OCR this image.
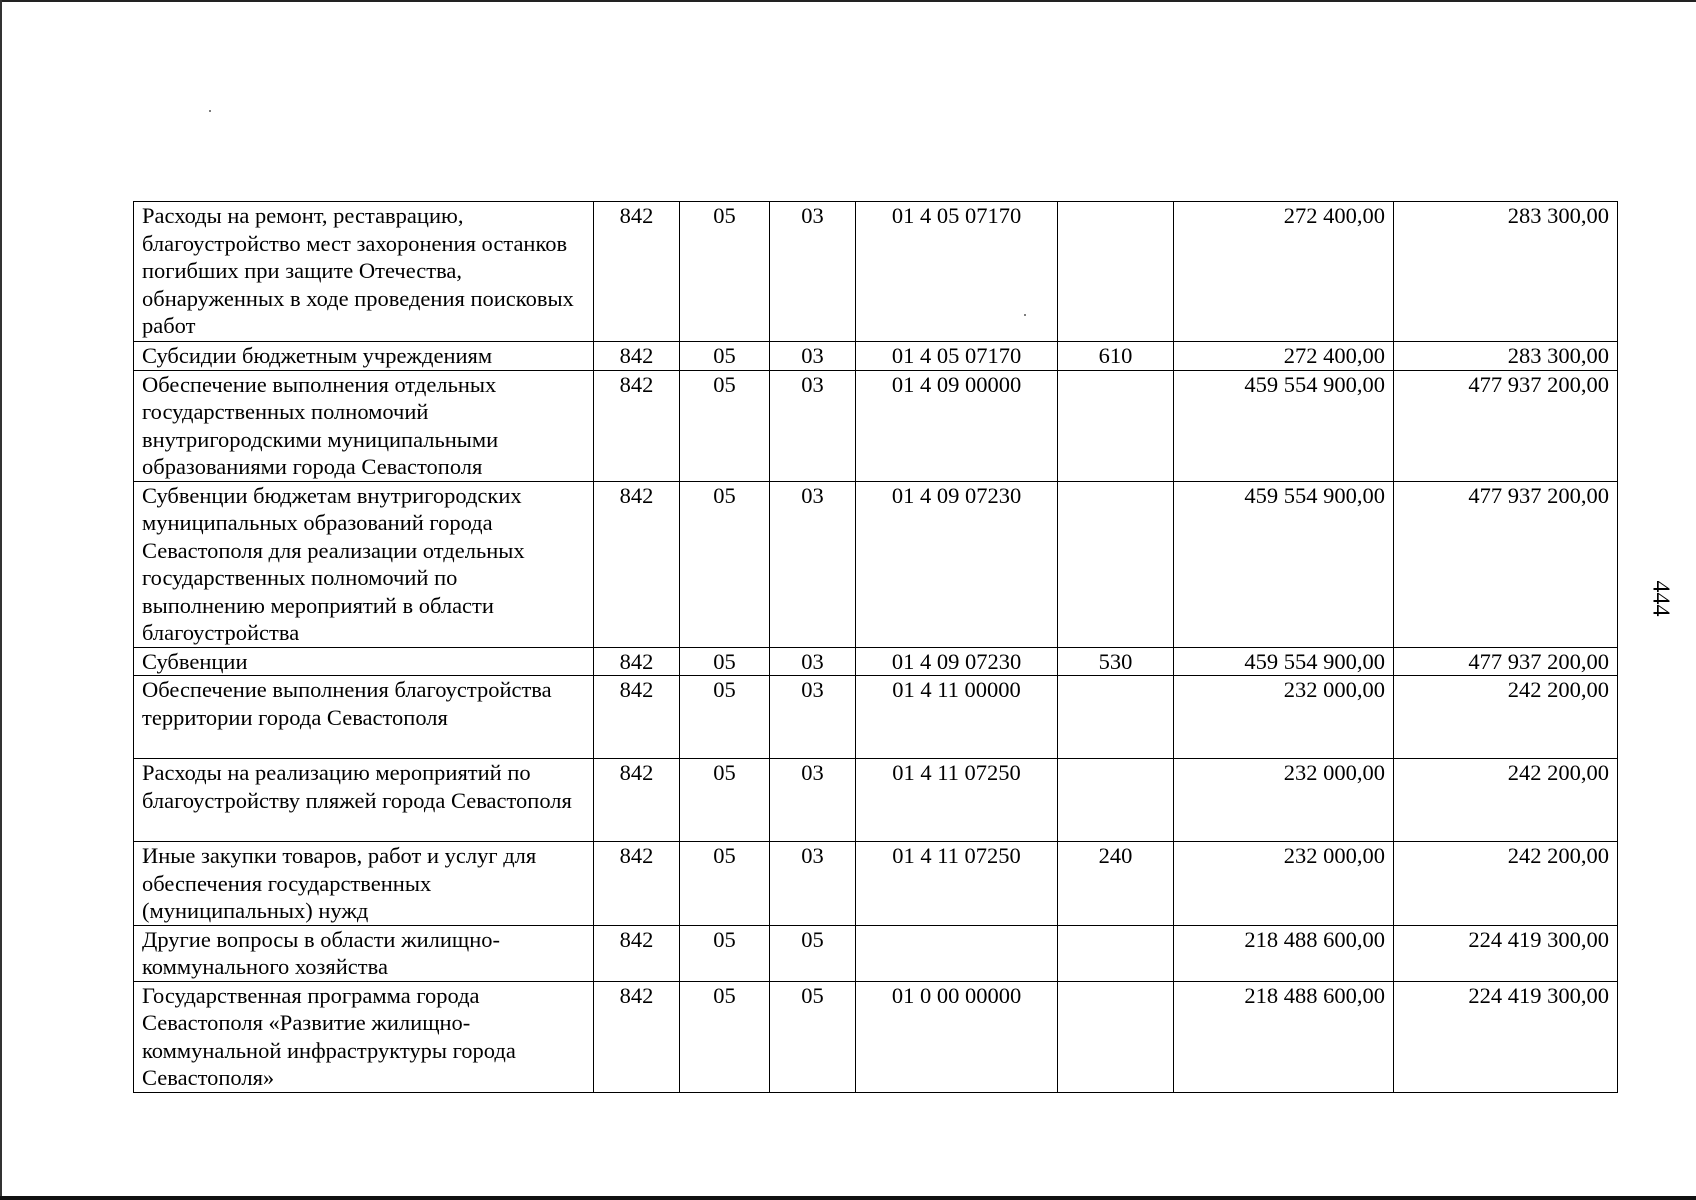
Расходы на ремонт, реставрацию, благоустройство мест захоронения останков погибших при защите Отечества, обнаруженных в ходе проведения поисковых работ	842	05	03	01 4 05 07170		272 400,00	283 300,00
Субсидии бюджетным учреждениям	842	05	03	01 4 05 07170	610	272 400,00	283 300,00
Обеспечение выполнения отдельных государственных полномочий внутригородскими муниципальными образованиями города Севастополя	842	05	03	01 4 09 00000		459 554 900,00	477 937 200,00
Субвенции бюджетам внутригородских муниципальных образований города Севастополя для реализации отдельных государственных полномочий по выполнению мероприятий в области благоустройства	842	05	03	01 4 09 07230		459 554 900,00	477 937 200,00
Субвенции	842	05	03	01 4 09 07230	530	459 554 900,00	477 937 200,00
Обеспечение выполнения благоустройства территории города Севастополя	842	05	03	01 4 11 00000		232 000,00	242 200,00
Расходы на реализацию мероприятий по благоустройству пляжей города Севастополя	842	05	03	01 4 11 07250		232 000,00	242 200,00
Иные закупки товаров, работ и услуг для обеспечения государственных (муниципальных) нужд	842	05	03	01 4 11 07250	240	232 000,00	242 200,00
Другие вопросы в области жилищно-коммунального хозяйства	842	05	05			218 488 600,00	224 419 300,00
Государственная программа города Севастополя «Развитие жилищно-коммунальной инфраструктуры города Севастополя»	842	05	05	01 0 00 00000		218 488 600,00	224 419 300,00
444
